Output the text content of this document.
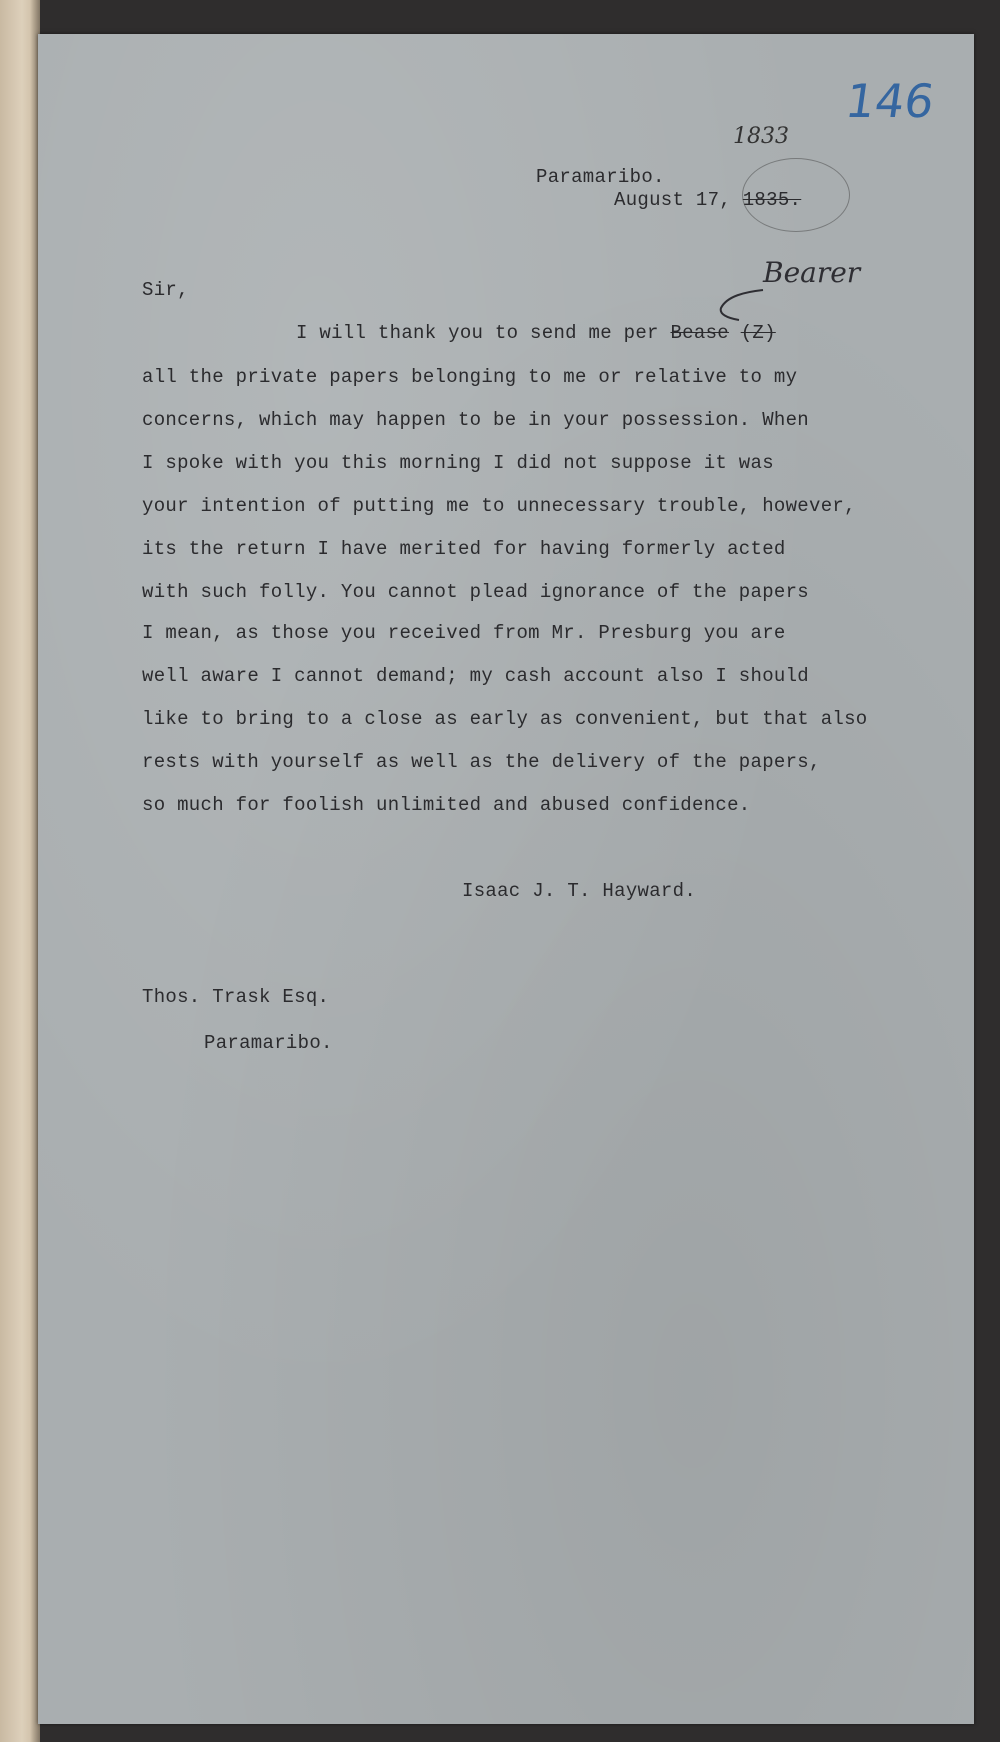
146
1833
Paramaribo.
August 17, 1835.
Sir,
Bearer
I will thank you to send me per Bease (Z)
all the private papers belonging to me or relative to my
concerns, which may happen to be in your possession. When
I spoke with you this morning I did not suppose it was
your intention of putting me to unnecessary trouble, however,
its the return I have merited for having formerly acted
with such folly. You cannot plead ignorance of the papers
I mean, as those you received from Mr. Presburg you are
well aware I cannot demand; my cash account also I should
like to bring to a close as early as convenient, but that also
rests with yourself as well as the delivery of the papers,
so much for foolish unlimited and abused confidence.
Isaac J. T. Hayward.
Thos. Trask Esq.
Paramaribo.
